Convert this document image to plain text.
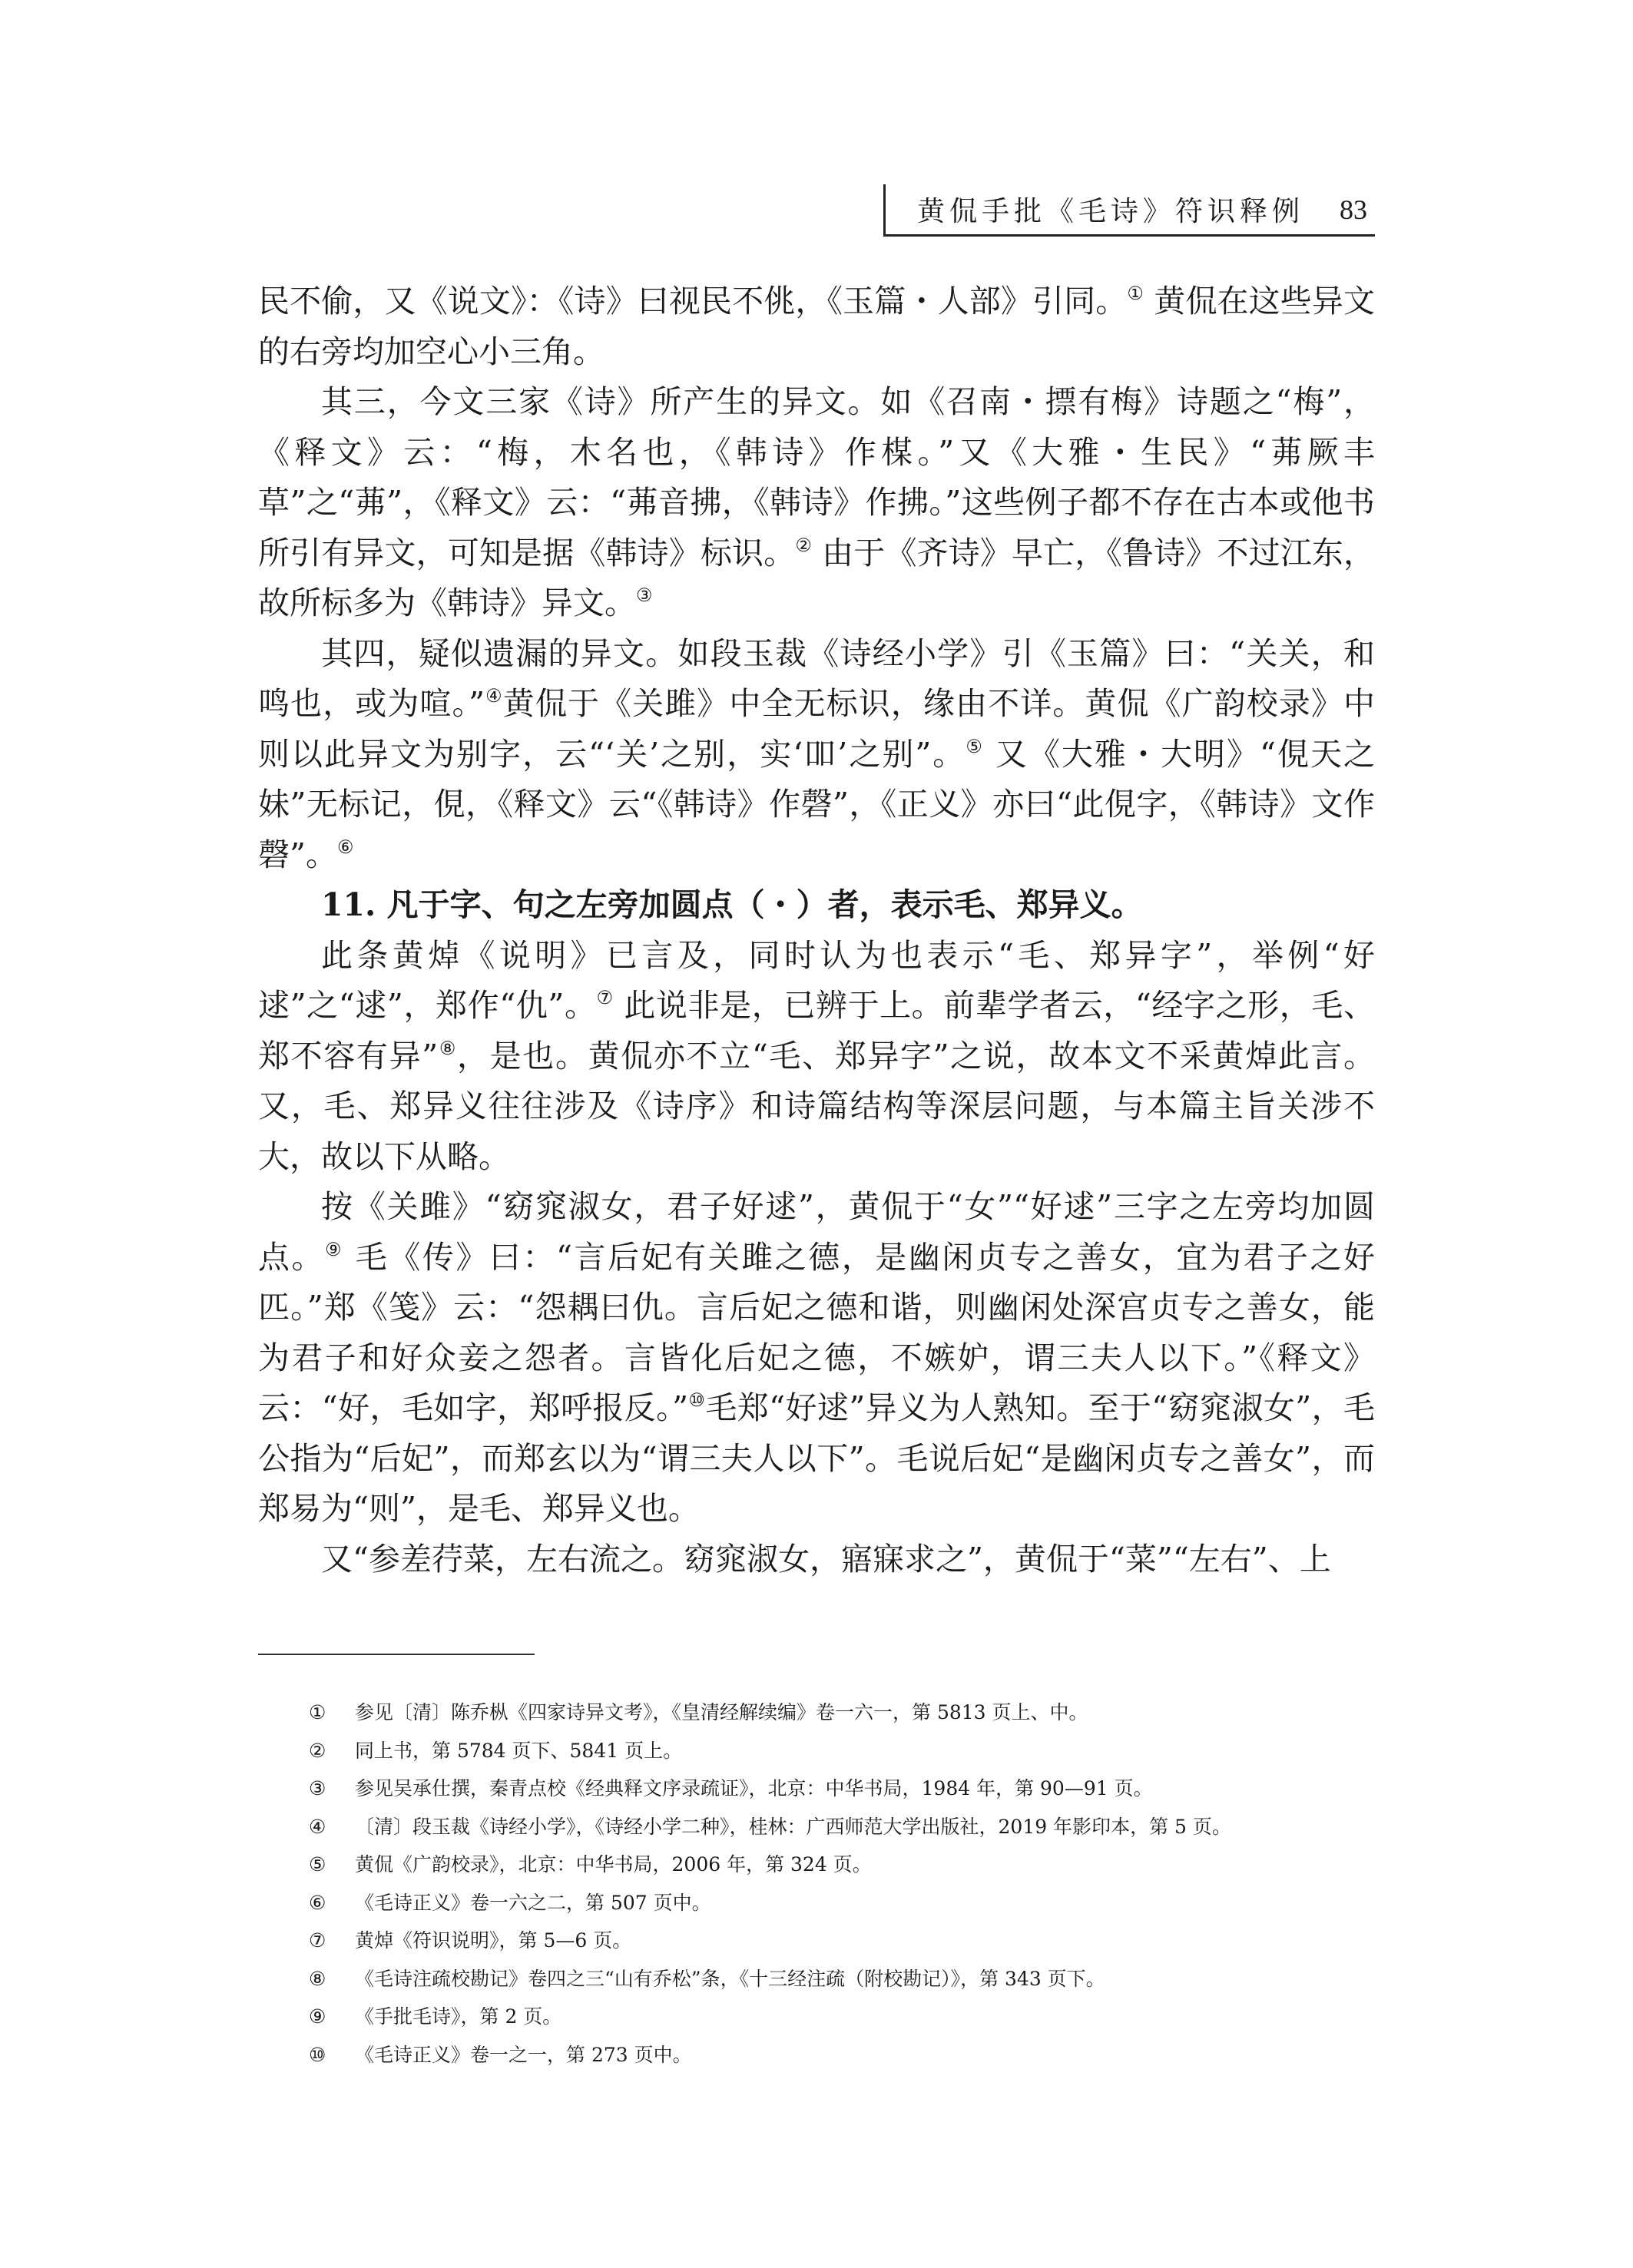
黄侃手批《毛诗》符识释例 83

民不偷，又《说文》：《诗》曰视民不佻，《玉篇・人部》引同。① 黄侃在这些异文的右旁均加空心小三角。

其三，今文三家《诗》所产生的异文。如《召南・摽有梅》诗题之“梅”，《释文》云：“梅，木名也，《韩诗》作楳。”又《大雅・生民》“茀厥丰草”之“茀”，《释文》云：“茀音拂，《韩诗》作拂。”这些例子都不存在古本或他书所引有异文，可知是据《韩诗》标识。② 由于《齐诗》早亡，《鲁诗》不过江东，故所标多为《韩诗》异文。③

其四，疑似遗漏的异文。如段玉裁《诗经小学》引《玉篇》曰：“关关，和鸣也，或为喧。”④黄侃于《关雎》中全无标识，缘由不详。黄侃《广韵校录》中则以此异文为别字，云“‘关’之别，实‘吅’之别”。⑤ 又《大雅・大明》“俔天之妹”无标记，俔，《释文》云“《韩诗》作磬”，《正义》亦曰“此俔字，《韩诗》文作磬”。⑥

11. 凡于字、句之左旁加圆点（・）者，表示毛、郑异义。

此条黄焯《说明》已言及，同时认为也表示“毛、郑异字”，举例“好逑”之“逑”，郑作“仇”。⑦ 此说非是，已辨于上。前辈学者云，“经字之形，毛、郑不容有异”⑧，是也。黄侃亦不立“毛、郑异字”之说，故本文不采黄焯此言。又，毛、郑异义往往涉及《诗序》和诗篇结构等深层问题，与本篇主旨关涉不大，故以下从略。

按《关雎》“窈窕淑女，君子好逑”，黄侃于“女”“好逑”三字之左旁均加圆点。⑨ 毛《传》曰：“言后妃有关雎之德，是幽闲贞专之善女，宜为君子之好匹。”郑《笺》云：“怨耦曰仇。言后妃之德和谐，则幽闲处深宫贞专之善女，能为君子和好众妾之怨者。言皆化后妃之德，不嫉妒，谓三夫人以下。”《释文》云：“好，毛如字，郑呼报反。”⑩毛郑“好逑”异义为人熟知。至于“窈窕淑女”，毛公指为“后妃”，而郑玄以为“谓三夫人以下”。毛说后妃“是幽闲贞专之善女”，而郑易为“则”，是毛、郑异义也。

又“参差荇菜，左右流之。窈窕淑女，寤寐求之”，黄侃于“菜”“左右”、上

①	参见〔清〕陈乔枞《四家诗异文考》，《皇清经解续编》卷一六一，第 5813 页上、中。
②	同上书，第 5784 页下、5841 页上。
③	参见吴承仕撰，秦青点校《经典释文序录疏证》，北京：中华书局，1984 年，第 90—91 页。
④	〔清〕段玉裁《诗经小学》，《诗经小学二种》，桂林：广西师范大学出版社，2019 年影印本，第 5 页。
⑤	黄侃《广韵校录》，北京：中华书局，2006 年，第 324 页。
⑥	《毛诗正义》卷一六之二，第 507 页中。
⑦	黄焯《符识说明》，第 5—6 页。
⑧	《毛诗注疏校勘记》卷四之三“山有乔松”条，《十三经注疏（附校勘记）》，第 343 页下。
⑨	《手批毛诗》，第 2 页。
⑩	《毛诗正义》卷一之一，第 273 页中。
